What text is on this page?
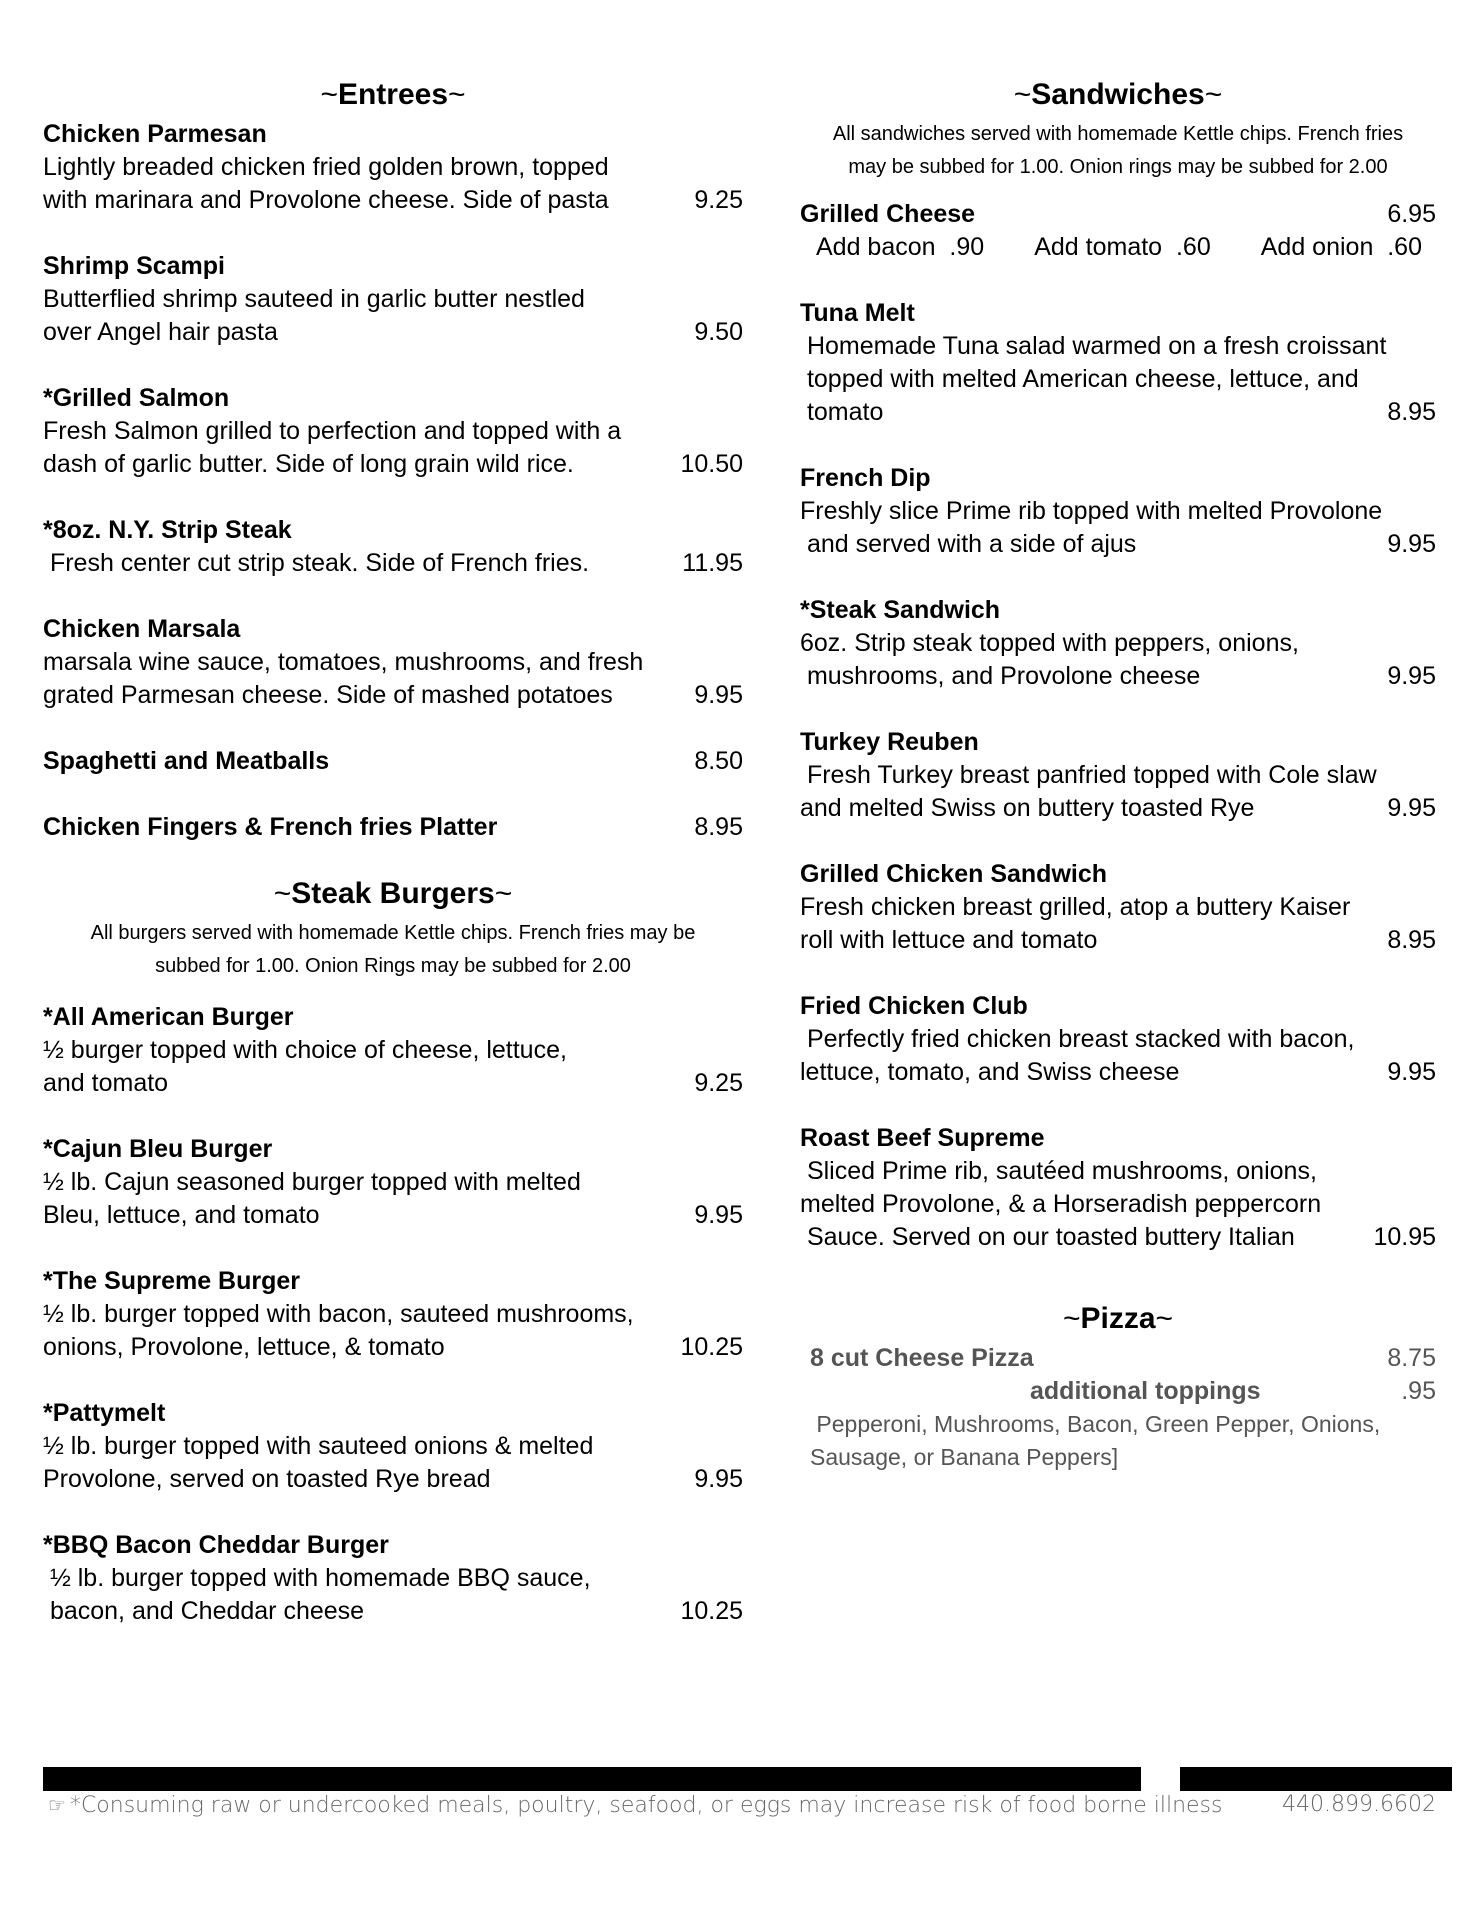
~Entrees~
Chicken Parmesan
Lightly breaded chicken fried golden brown, topped
with marinara and Provolone cheese. Side of pasta	9.25
Shrimp Scampi
Butterflied shrimp sauteed in garlic butter nestled
over Angel hair pasta	9.50
*Grilled Salmon
Fresh Salmon grilled to perfection and topped with a
dash of garlic butter. Side of long grain wild rice.	10.50
*8oz. N.Y. Strip Steak
Fresh center cut strip steak. Side of French fries.	11.95
Chicken Marsala
marsala wine sauce, tomatoes, mushrooms, and fresh
grated Parmesan cheese. Side of mashed potatoes	9.95
Spaghetti and Meatballs	8.50
Chicken Fingers & French fries Platter	8.95
~Steak Burgers~
All burgers served with homemade Kettle chips. French fries may be
subbed for 1.00. Onion Rings may be subbed for 2.00
*All American Burger
½ burger topped with choice of cheese, lettuce,
and tomato	9.25
*Cajun Bleu Burger
½ lb. Cajun seasoned burger topped with melted
Bleu, lettuce, and tomato	9.95
*The Supreme Burger
½ lb. burger topped with bacon, sauteed mushrooms,
onions, Provolone, lettuce, & tomato	10.25
*Pattymelt
½ lb. burger topped with sauteed onions & melted
Provolone, served on toasted Rye bread	9.95
*BBQ Bacon Cheddar Burger
½ lb. burger topped with homemade BBQ sauce,
bacon, and Cheddar cheese	10.25
~Sandwiches~
All sandwiches served with homemade Kettle chips. French fries
may be subbed for 1.00. Onion rings may be subbed for 2.00
Grilled Cheese	6.95
Add bacon  .90 Add tomato  .60 Add onion  .60
Tuna Melt
Homemade Tuna salad warmed on a fresh croissant
topped with melted American cheese, lettuce, and
tomato	8.95
French Dip
Freshly slice Prime rib topped with melted Provolone
and served with a side of ajus	9.95
*Steak Sandwich
6oz. Strip steak topped with peppers, onions,
mushrooms, and Provolone cheese	9.95
Turkey Reuben
Fresh Turkey breast panfried topped with Cole slaw
and melted Swiss on buttery toasted Rye	9.95
Grilled Chicken Sandwich
Fresh chicken breast grilled, atop a buttery Kaiser
roll with lettuce and tomato	8.95
Fried Chicken Club
Perfectly fried chicken breast stacked with bacon,
lettuce, tomato, and Swiss cheese	9.95
Roast Beef Supreme
Sliced Prime rib, sautéed mushrooms, onions,
melted Provolone, & a Horseradish peppercorn
Sauce. Served on our toasted buttery Italian	10.95
~Pizza~
8 cut Cheese Pizza	8.75
additional toppings	.95
Pepperoni, Mushrooms, Bacon, Green Pepper, Onions,
Sausage, or Banana Peppers]
☞ *Consuming raw or undercooked meals, poultry, seafood, or eggs may increase risk of food borne illness	440.899.6602
